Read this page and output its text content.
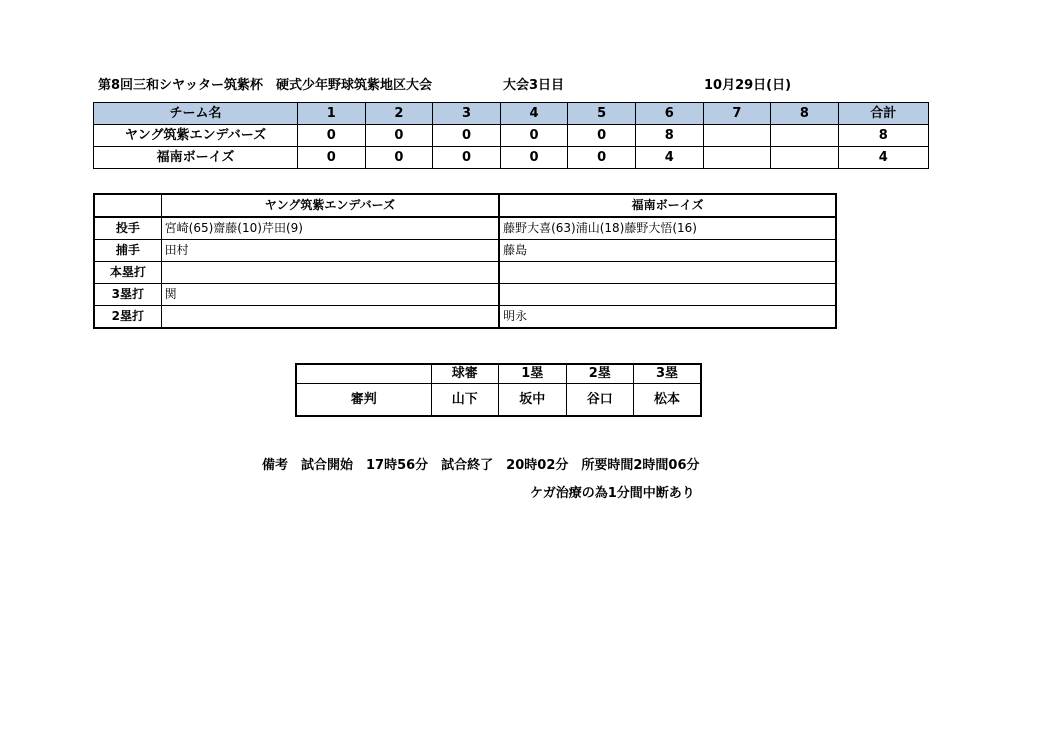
第8回三和シヤッター筑紫杯　硬式少年野球筑紫地区大会	大会3日目	10月29日(日)
チーム名	1	2	3	4	5	6	7	8	合計
ヤング筑紫エンデバーズ	0	0	0	0	0	8			8
福南ボーイズ	0	0	0	0	0	4			4
	ヤング筑紫エンデバーズ	福南ボーイズ
投手	宮崎(65)齋藤(10)芹田(9)	藤野大喜(63)浦山(18)藤野大悟(16)
捕手	田村	藤島
本塁打		
3塁打	関	
2塁打		明永
	球審	1塁	2塁	3塁
審判	山下	坂中	谷口	松本
備考　試合開始　17時56分　試合終了　20時02分　所要時間2時間06分
ケガ治療の為1分間中断あり
